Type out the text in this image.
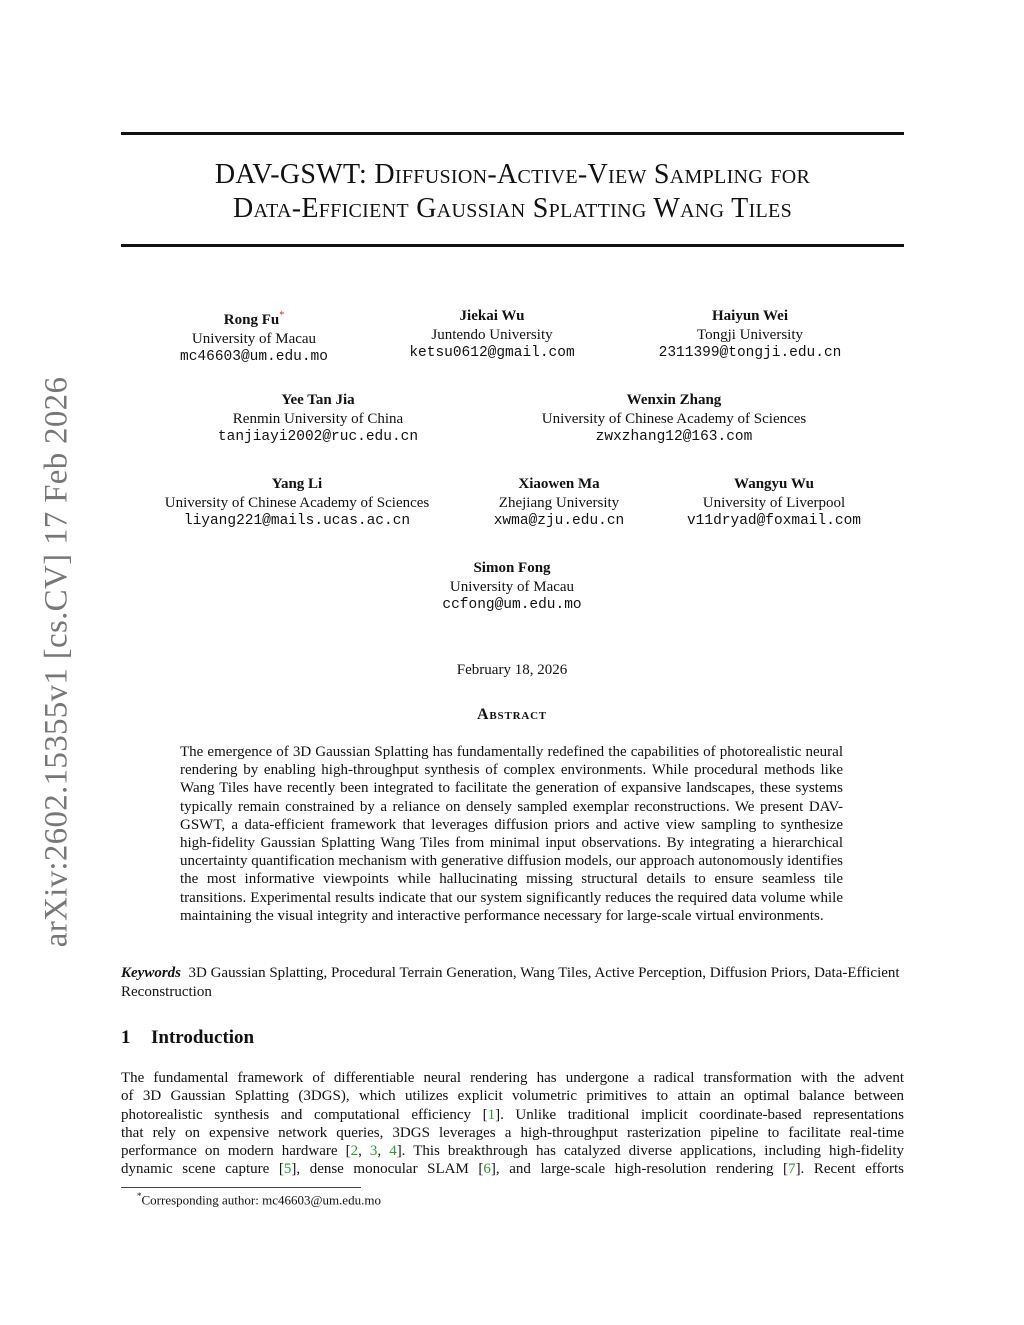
arXiv:2602.15355v1 [cs.CV] 17 Feb 2026
DAV-GSWT: Diffusion-Active-View Sampling for
Data-Efficient Gaussian Splatting Wang Tiles
Rong Fu*
University of Macau
mc46603@um.edu.mo
Jiekai Wu
Juntendo University
ketsu0612@gmail.com
Haiyun Wei
Tongji University
2311399@tongji.edu.cn
Yee Tan Jia
Renmin University of China
tanjiayi2002@ruc.edu.cn
Wenxin Zhang
University of Chinese Academy of Sciences
zwxzhang12@163.com
Yang Li
University of Chinese Academy of Sciences
liyang221@mails.ucas.ac.cn
Xiaowen Ma
Zhejiang University
xwma@zju.edu.cn
Wangyu Wu
University of Liverpool
v11dryad@foxmail.com
Simon Fong
University of Macau
ccfong@um.edu.mo
February 18, 2026
Abstract
The emergence of 3D Gaussian Splatting has fundamentally redefined the capabilities of photorealistic neural rendering by enabling high-throughput synthesis of complex environments. While procedural methods like Wang Tiles have recently been integrated to facilitate the generation of expansive landscapes, these systems typically remain constrained by a reliance on densely sampled exemplar reconstructions. We present DAV-GSWT, a data-efficient framework that leverages diffusion priors and active view sampling to synthesize high-fidelity Gaussian Splatting Wang Tiles from minimal input observations. By integrating a hierarchical uncertainty quantification mechanism with generative diffusion models, our approach autonomously identifies the most informative viewpoints while hallucinating missing structural details to ensure seamless tile transitions. Experimental results indicate that our system significantly reduces the required data volume while maintaining the visual integrity and interactive performance necessary for large-scale virtual environments.
Keywords 3D Gaussian Splatting, Procedural Terrain Generation, Wang Tiles, Active Perception, Diffusion Priors, Data-Efficient Reconstruction
1 Introduction
The fundamental framework of differentiable neural rendering has undergone a radical transformation with the advent
of 3D Gaussian Splatting (3DGS), which utilizes explicit volumetric primitives to attain an optimal balance between
photorealistic synthesis and computational efficiency [1]. Unlike traditional implicit coordinate-based representations
that rely on expensive network queries, 3DGS leverages a high-throughput rasterization pipeline to facilitate real-time
performance on modern hardware [2, 3, 4]. This breakthrough has catalyzed diverse applications, including high-fidelity
dynamic scene capture [5], dense monocular SLAM [6], and large-scale high-resolution rendering [7]. Recent efforts
*Corresponding author: mc46603@um.edu.mo
